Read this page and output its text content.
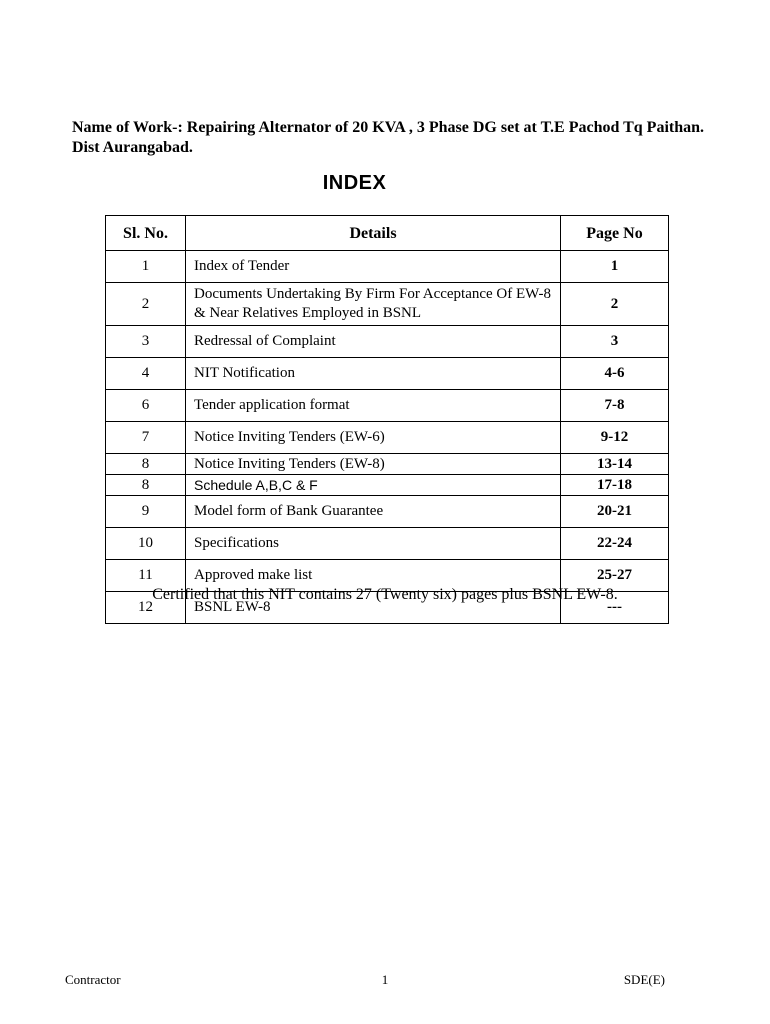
Name of Work-: Repairing Alternator of 20 KVA , 3 Phase DG set at T.E Pachod Tq Paithan. Dist Aurangabad.

INDEX
Sl. No.	Details	Page No
1	Index of Tender	1
2	Documents Undertaking By Firm For Acceptance Of EW-8 & Near Relatives Employed in BSNL	2
3	Redressal of Complaint	3
4	NIT Notification	4-6
6	Tender application format	7-8
7	Notice Inviting Tenders (EW-6)	9-12
8	Notice Inviting Tenders (EW-8)	13-14
8	Schedule A,B,C & F	17-18
9	Model form of Bank Guarantee	20-21
10	Specifications	22-24
11	Approved make list	25-27
12	BSNL EW-8	---

Certified that this NIT contains 27 (Twenty six) pages plus BSNL EW-8.

Contractor	1	SDE(E)
